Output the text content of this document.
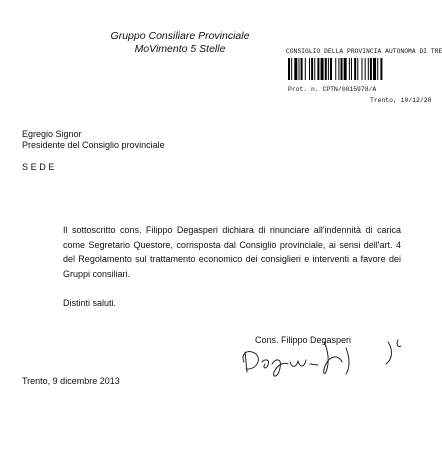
Gruppo Consiliare Provinciale
MoVimento 5 Stelle	CONSIGLIO DELLA PROVINCIA AUTONOMA DI TRE
Prot. n. CPTN/0015978/A
Trento, 10/12/20
Egregio Signor
Presidente del Consiglio provinciale
SEDE
Il sottoscritto cons. Filippo Degasperi dichiara di rinunciare all'indennità di carica come Segretario Questore, corrisposta dal Consiglio provinciale, ai sensi dell'art. 4 del Regolamento sul trattamento economico dei consiglieri e interventi a favore dei Gruppi consiliari.
Distinti saluti.
Cons. Filippo Degasperi
Trento, 9 dicembre 2013
